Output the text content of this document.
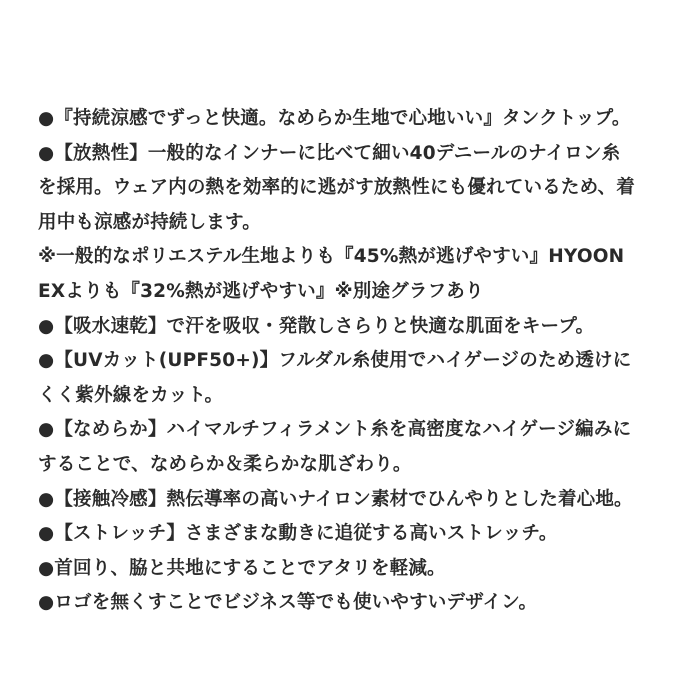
●『持続涼感でずっと快適。なめらか生地で心地いい』タンクトップ。

●【放熱性】一般的なインナーに比べて細い40デニールのナイロン糸

を採用。ウェア内の熱を効率的に逃がす放熱性にも優れているため、着

用中も涼感が持続します。

※一般的なポリエステル生地よりも『45%熱が逃げやすい』HYOON

EXよりも『32%熱が逃げやすい』※別途グラフあり

●【吸水速乾】で汗を吸収・発散しさらりと快適な肌面をキープ。

●【UVカット(UPF50+)】フルダル糸使用でハイゲージのため透けに

くく紫外線をカット。

●【なめらか】ハイマルチフィラメント糸を高密度なハイゲージ編みに

することで、なめらか＆柔らかな肌ざわり。

●【接触冷感】熱伝導率の高いナイロン素材でひんやりとした着心地。

●【ストレッチ】さまざまな動きに追従する高いストレッチ。

●首回り、脇と共地にすることでアタリを軽減。

●ロゴを無くすことでビジネス等でも使いやすいデザイン。
